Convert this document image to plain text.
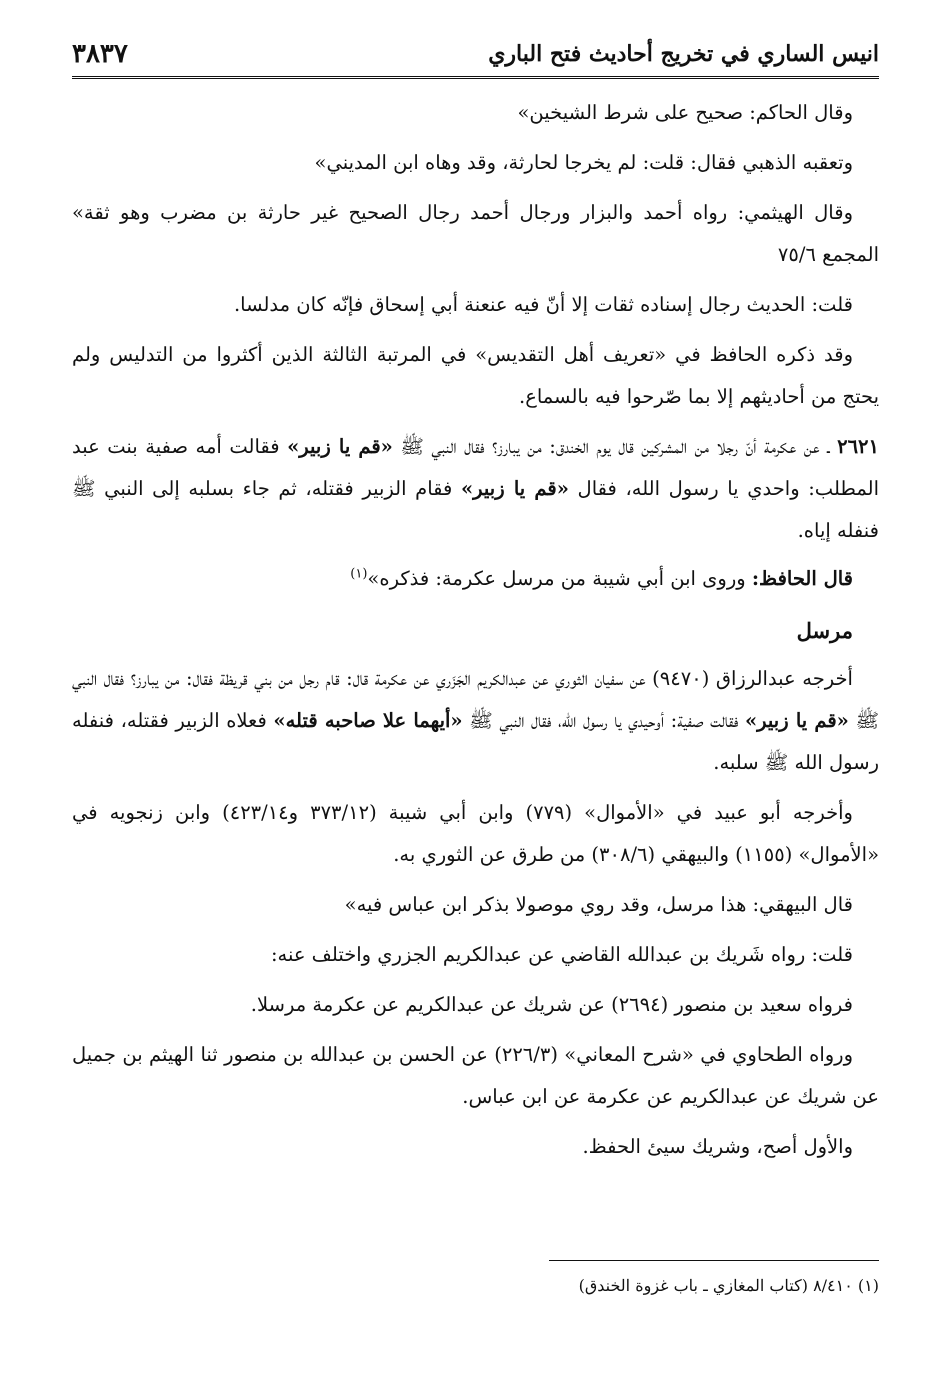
انيس الساري في تخريج أحاديث فتح الباري
٣٨٣٧

وقال الحاكم: صحيح على شرط الشيخين»

وتعقبه الذهبي فقال: قلت: لم يخرجا لحارثة، وقد وهاه ابن المديني»

وقال الهيثمي: رواه أحمد والبزار ورجال أحمد رجال الصحيح غير حارثة بن مضرب وهو ثقة» المجمع ٧٥/٦

قلت: الحديث رجال إسناده ثقات إلا أنّ فيه عنعنة أبي إسحاق فإنّه كان مدلسا.

وقد ذكره الحافظ في «تعريف أهل التقديس» في المرتبة الثالثة الذين أكثروا من التدليس ولم يحتج من أحاديثهم إلا بما صّرحوا فيه بالسماع.

٢٦٢١ ـ عن عكرمة أنّ رجلا من المشركين قال يوم الخندق: من يبارز؟ فقال النبي ﷺ «قم يا زبير» فقالت أمه صفية بنت عبد المطلب: واحدي يا رسول الله، فقال «قم يا زبير» فقام الزبير فقتله، ثم جاء بسلبه إلى النبي ﷺ فنفله إياه.

قال الحافظ: وروى ابن أبي شيبة من مرسل عكرمة: فذكره»$^{(١)}$

مرسل

أخرجه عبدالرزاق (٩٤٧٠) عن سفيان الثوري عن عبدالكريم الجَزَري عن عكرمة قال: قام رجل من بني قريظة فقال: من يبارز؟ فقال النبي ﷺ «قم يا زبير» فقالت صفية: أوحيدي يا رسول الله، فقال النبي ﷺ «أيهما علا صاحبه قتله» فعلاه الزبير فقتله، فنفله رسول الله ﷺ سلبه.

وأخرجه أبو عبيد في «الأموال» (٧٧٩) وابن أبي شيبة (٣٧٣/١٢ و٤٢٣/١٤) وابن زنجويه في «الأموال» (١١٥٥) والبيهقي (٣٠٨/٦) من طرق عن الثوري به.

قال البيهقي: هذا مرسل، وقد روي موصولا بذكر ابن عباس فيه»

قلت: رواه شَريك بن عبدالله القاضي عن عبدالكريم الجزري واختلف عنه:

فرواه سعيد بن منصور (٢٦٩٤) عن شريك عن عبدالكريم عن عكرمة مرسلا.

ورواه الطحاوي في «شرح المعاني» (٢٢٦/٣) عن الحسن بن عبدالله بن منصور ثنا الهيثم بن جميل عن شريك عن عبدالكريم عن عكرمة عن ابن عباس.

والأول أصح، وشريك سيئ الحفظ.

(١) ٨/٤١٠ (كتاب المغازي ـ باب غزوة الخندق)
